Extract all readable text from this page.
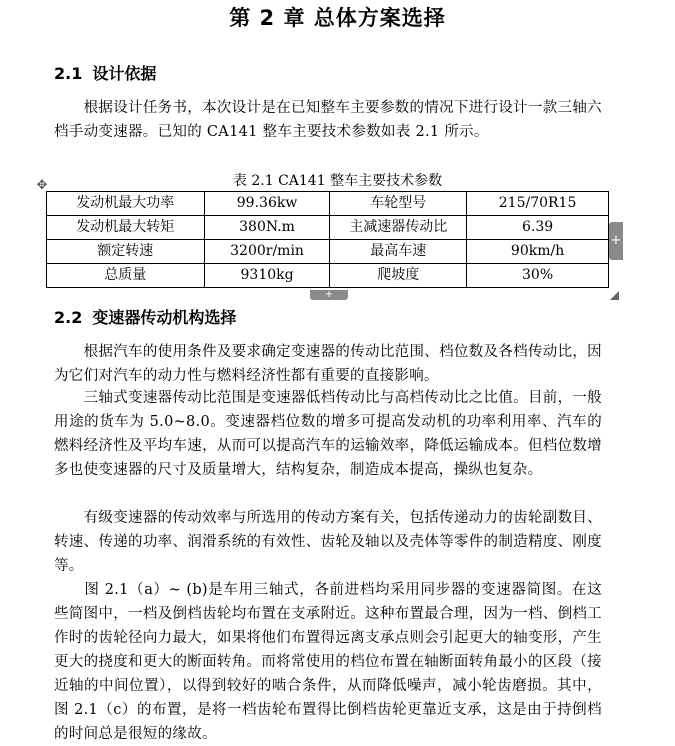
第 2 章 总体方案选择
2.1 设计依据

　　根据设计任务书，本次设计是在已知整车主要参数的情况下进行设计一款三轴六档手动变速器。已知的 CA141 整车主要技术参数如表 2.1 所示。

表 2.1 CA141 整车主要技术参数
✥
发动机最大功率	99.36kw	车轮型号	215/70R15
发动机最大转矩	380N.m	主减速器传动比	6.39
额定转速	3200r/min	最高车速	90km/h
总质量	9310kg	爬坡度	30%
+
+
2.2 变速器传动机构选择

　　根据汽车的使用条件及要求确定变速器的传动比范围、档位数及各档传动比，因为它们对汽车的动力性与燃料经济性都有重要的直接影响。

　　三轴式变速器传动比范围是变速器低档传动比与高档传动比之比值。目前，一般用途的货车为 5.0~8.0。变速器档位数的增多可提高发动机的功率利用率、汽车的燃料经济性及平均车速，从而可以提高汽车的运输效率，降低运输成本。但档位数增多也使变速器的尺寸及质量增大，结构复杂，制造成本提高，操纵也复杂。

　　有级变速器的传动效率与所选用的传动方案有关，包括传递动力的齿轮副数目、转速、传递的功率、润滑系统的有效性、齿轮及轴以及壳体等零件的制造精度、刚度等。

　　图 2.1（a）~ (b)是车用三轴式，各前进档均采用同步器的变速器简图。在这些简图中，一档及倒档齿轮均布置在支承附近。这种布置最合理，因为一档、倒档工作时的齿轮径向力最大，如果将他们布置得远离支承点则会引起更大的轴变形，产生更大的挠度和更大的断面转角。而将常使用的档位布置在轴断面转角最小的区段（接近轴的中间位置），以得到较好的啮合条件，从而降低噪声，减小轮齿磨损。其中，图 2.1（c）的布置，是将一档齿轮布置得比倒档齿轮更靠近支承，这是由于持倒档的时间总是很短的缘故。
